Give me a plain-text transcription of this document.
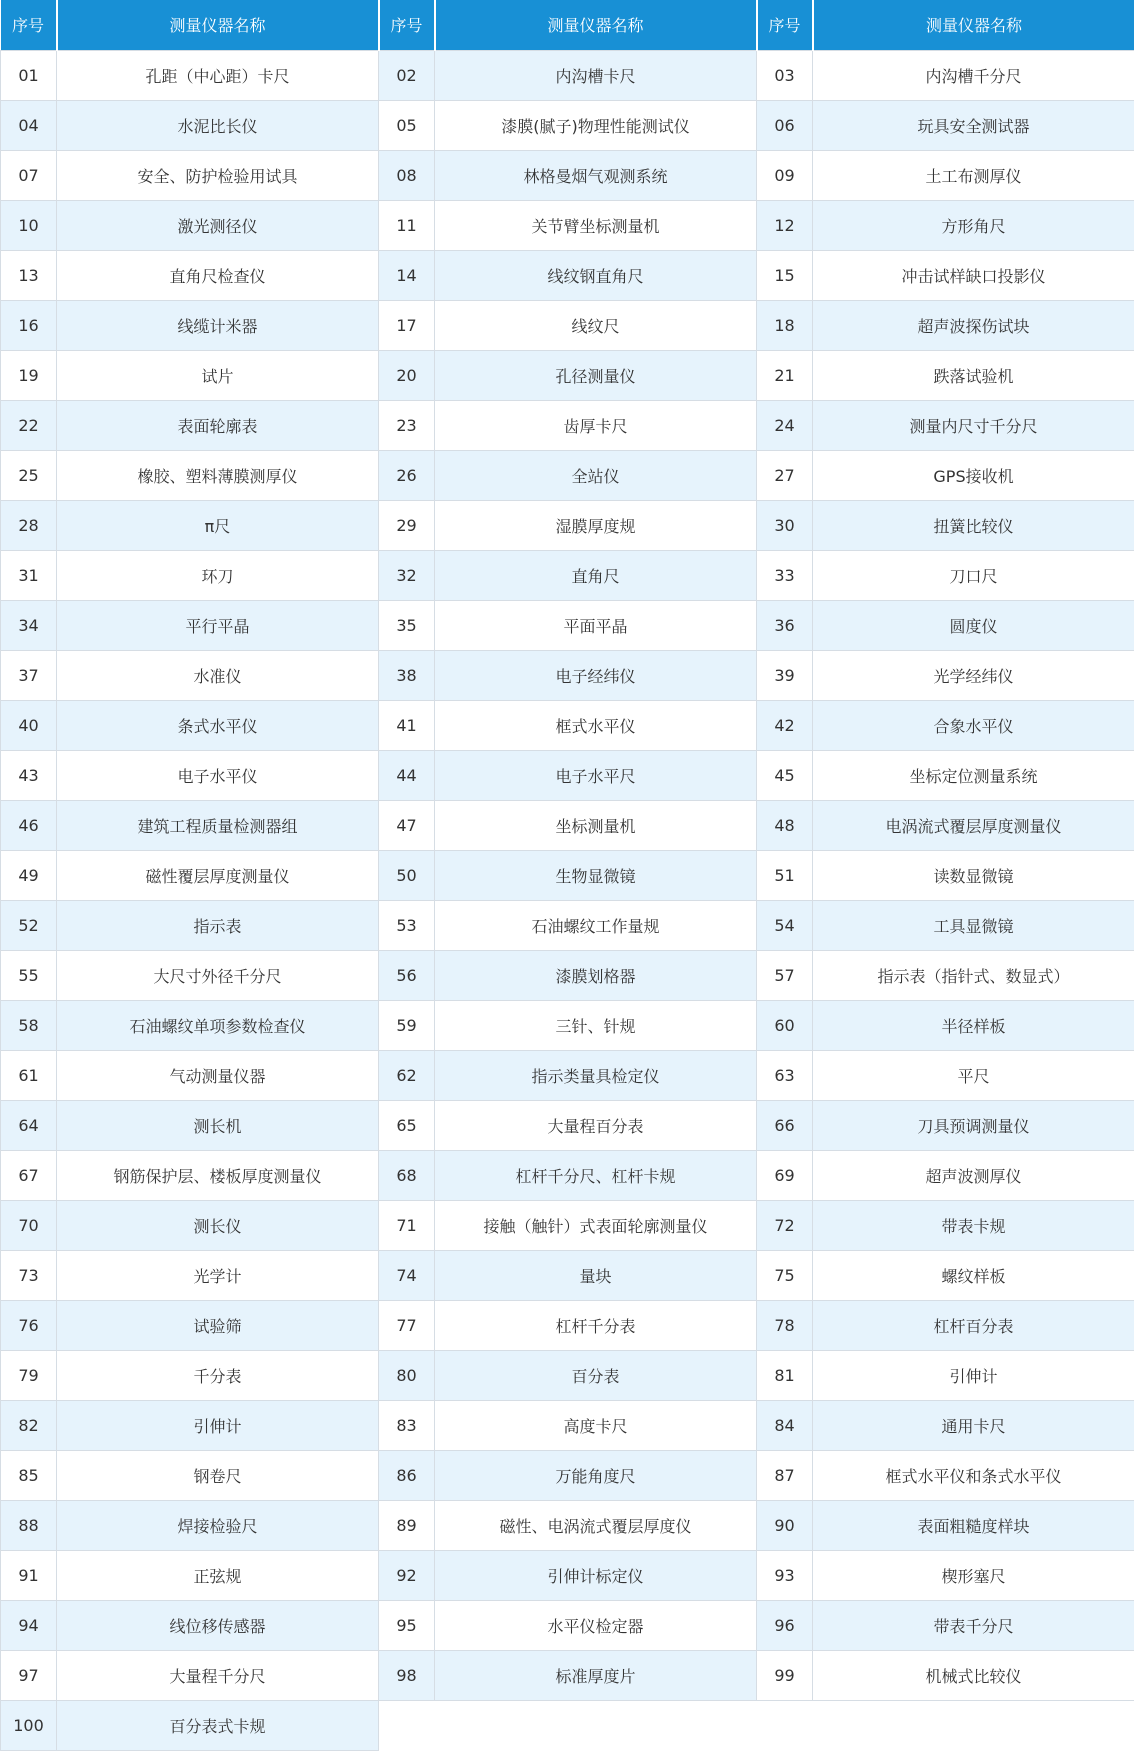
序号	测量仪器名称	序号	测量仪器名称	序号	测量仪器名称
01	孔距（中心距）卡尺	02	内沟槽卡尺	03	内沟槽千分尺
04	水泥比长仪	05	漆膜(腻子)物理性能测试仪	06	玩具安全测试器
07	安全、防护检验用试具	08	林格曼烟气观测系统	09	土工布测厚仪
10	激光测径仪	11	关节臂坐标测量机	12	方形角尺
13	直角尺检查仪	14	线纹钢直角尺	15	冲击试样缺口投影仪
16	线缆计米器	17	线纹尺	18	超声波探伤试块
19	试片	20	孔径测量仪	21	跌落试验机
22	表面轮廓表	23	齿厚卡尺	24	测量内尺寸千分尺
25	橡胶、塑料薄膜测厚仪	26	全站仪	27	GPS接收机
28	π尺	29	湿膜厚度规	30	扭簧比较仪
31	环刀	32	直角尺	33	刀口尺
34	平行平晶	35	平面平晶	36	圆度仪
37	水准仪	38	电子经纬仪	39	光学经纬仪
40	条式水平仪	41	框式水平仪	42	合象水平仪
43	电子水平仪	44	电子水平尺	45	坐标定位测量系统
46	建筑工程质量检测器组	47	坐标测量机	48	电涡流式覆层厚度测量仪
49	磁性覆层厚度测量仪	50	生物显微镜	51	读数显微镜
52	指示表	53	石油螺纹工作量规	54	工具显微镜
55	大尺寸外径千分尺	56	漆膜划格器	57	指示表（指针式、数显式）
58	石油螺纹单项参数检查仪	59	三针、针规	60	半径样板
61	气动测量仪器	62	指示类量具检定仪	63	平尺
64	测长机	65	大量程百分表	66	刀具预调测量仪
67	钢筋保护层、楼板厚度测量仪	68	杠杆千分尺、杠杆卡规	69	超声波测厚仪
70	测长仪	71	接触（触针）式表面轮廓测量仪	72	带表卡规
73	光学计	74	量块	75	螺纹样板
76	试验筛	77	杠杆千分表	78	杠杆百分表
79	千分表	80	百分表	81	引伸计
82	引伸计	83	高度卡尺	84	通用卡尺
85	钢卷尺	86	万能角度尺	87	框式水平仪和条式水平仪
88	焊接检验尺	89	磁性、电涡流式覆层厚度仪	90	表面粗糙度样块
91	正弦规	92	引伸计标定仪	93	楔形塞尺
94	线位移传感器	95	水平仪检定器	96	带表千分尺
97	大量程千分尺	98	标准厚度片	99	机械式比较仪
100	百分表式卡规				
